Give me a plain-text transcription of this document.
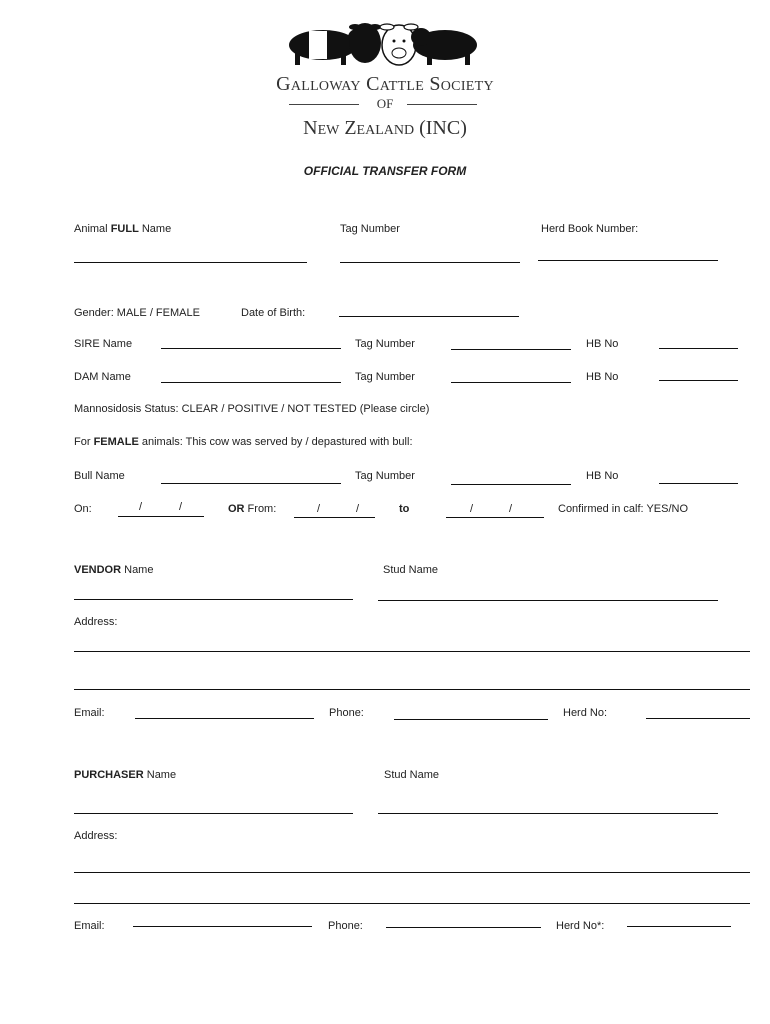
Galloway Cattle Society
OF
New Zealand (INC)
OFFICIAL TRANSFER FORM
Animal FULL Name	Tag Number	Herd Book Number:
Gender: MALE / FEMALE	Date of Birth:
SIRE Name	Tag Number	HB No
DAM Name	Tag Number	HB No
Mannosidosis Status: CLEAR / POSITIVE / NOT TESTED (Please circle)
For FEMALE animals: This cow was served by / depastured with bull:
Bull Name	Tag Number	HB No
On:	/	/	OR From:	/	/	to	/	/	Confirmed in calf: YES/NO
VENDOR Name	Stud Name
Address:
Email:	Phone:	Herd No:
PURCHASER Name	Stud Name
Address:
Email:	Phone:	Herd No*:
